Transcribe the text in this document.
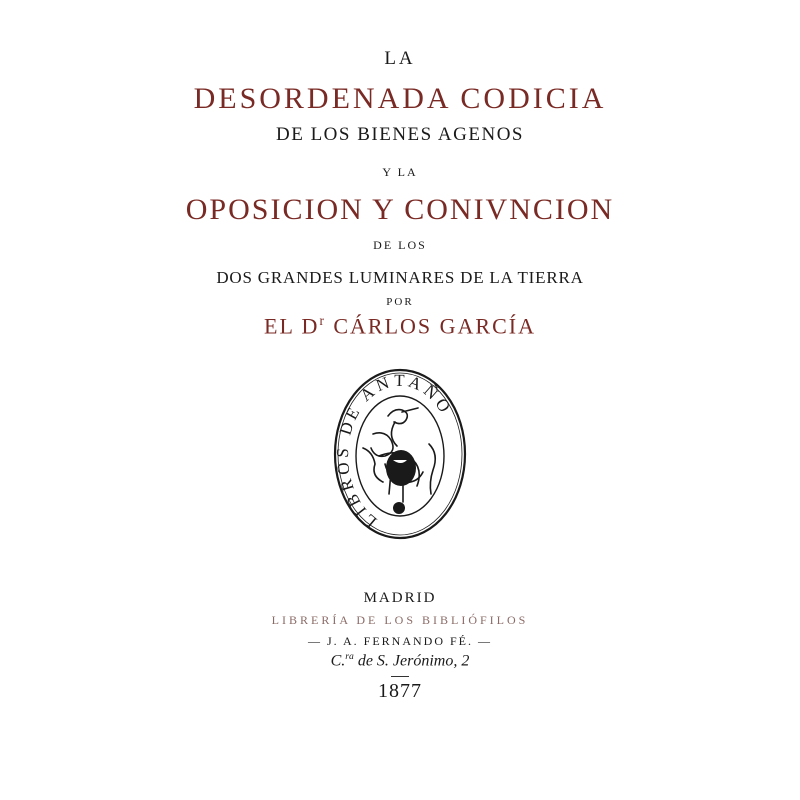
LA
DESORDENADA CODICIA
DE LOS BIENES AGENOS
Y LA
OPOSICION Y CONIVNCION
DE LOS
DOS GRANDES LUMINARES DE LA TIERRA
POR
EL $D^r$ CÁRLOS GARCÍA
LIBROS DE ANTAÑO
MADRID
LIBRERÍA DE LOS BIBLIÓFILOS
— J. A. FERNANDO FÉ. —
C.$^{ra}$ de S. Jerónimo, 2
1877
